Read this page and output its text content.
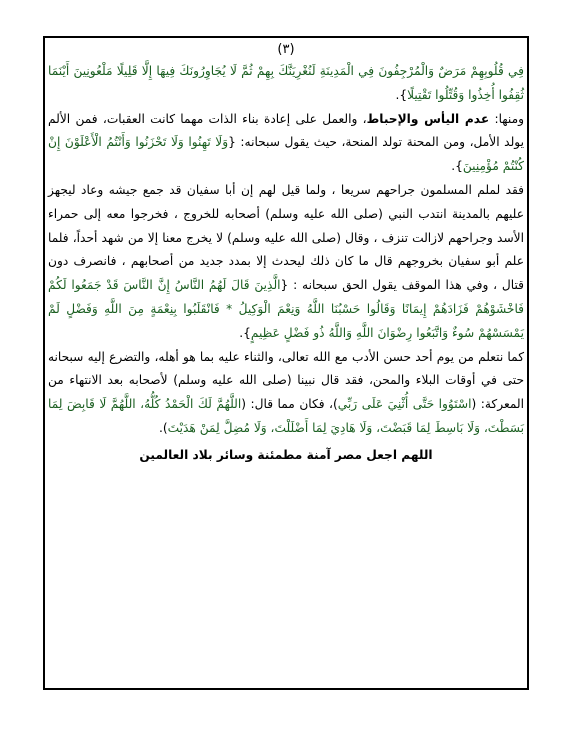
(٣)

فِي قُلُوبِهِمْ مَرَضٌ وَالْمُرْجِفُونَ فِي الْمَدِينَةِ لَنُغْرِيَنَّكَ بِهِمْ ثُمَّ لَا يُجَاوِرُونَكَ فِيهَا إِلَّا قَلِيلًا مَلْعُونِينَ أَيْنَمَا ثُقِفُوا أُخِذُوا وَقُتِّلُوا تَقْتِيلًا}.

ومنها: عدم اليأس والإحباط، والعمل على إعادة بناء الذات مهما كانت العقبات، فمن الألم يولد الأمل، ومن المحنة تولد المنحة، حيث يقول سبحانه: {وَلَا تَهِنُوا وَلَا تَحْزَنُوا وَأَنْتُمُ الْأَعْلَوْنَ إِنْ كُنْتُمْ مُؤْمِنِينَ}.

فقد لملم المسلمون جراحهم سريعا ، ولما قيل لهم إن أبا سفيان قد جمع جيشه وعاد ليجهز عليهم بالمدينة انتدب النبي (صلى الله عليه وسلم) أصحابه للخروج ، فخرجوا معه إلى حمراء الأسد وجراحهم لازالت تنزف ، وقال (صلى الله عليه وسلم) لا يخرج معنا إلا من شهد أحداً، فلما علم أبو سفيان بخروجهم قال ما كان ذلك ليحدث إلا بمدد جديد من أصحابهم ، فانصرف دون قتال ، وفي هذا الموقف يقول الحق سبحانه : {الَّذِينَ قَالَ لَهُمُ النَّاسُ إِنَّ النَّاسَ قَدْ جَمَعُوا لَكُمْ فَاخْشَوْهُمْ فَزَادَهُمْ إِيمَانًا وَقَالُوا حَسْبُنَا اللَّهُ وَنِعْمَ الْوَكِيلُ * فَانْقَلَبُوا بِنِعْمَةٍ مِنَ اللَّهِ وَفَضْلٍ لَمْ يَمْسَسْهُمْ سُوءٌ وَاتَّبَعُوا رِضْوَانَ اللَّهِ وَاللَّهُ ذُو فَضْلٍ عَظِيمٍ}.

كما نتعلم من يوم أحد حسن الأدب مع الله تعالى، والثناء عليه بما هو أهله، والتضرع إليه سبحانه حتى في أوقات البلاء والمحن، فقد قال نبينا (صلى الله عليه وسلم) لأصحابه بعد الانتهاء من المعركة: (اسْتَوُوا حَتَّى أُثْنِيَ عَلَى رَبِّي)، فكان مما قال: (اللَّهُمَّ لَكَ الْحَمْدُ كُلُّهُ، اللَّهُمَّ لَا قَابِضَ لِمَا بَسَطْتَ، وَلَا بَاسِطَ لِمَا قَبَضْتَ، وَلَا هَادِيَ لِمَا أَضْلَلْتَ، وَلَا مُضِلَّ لِمَنْ هَدَيْتَ).

اللهم اجعل مصر آمنة مطمئنة وسائر بلاد العالمين
